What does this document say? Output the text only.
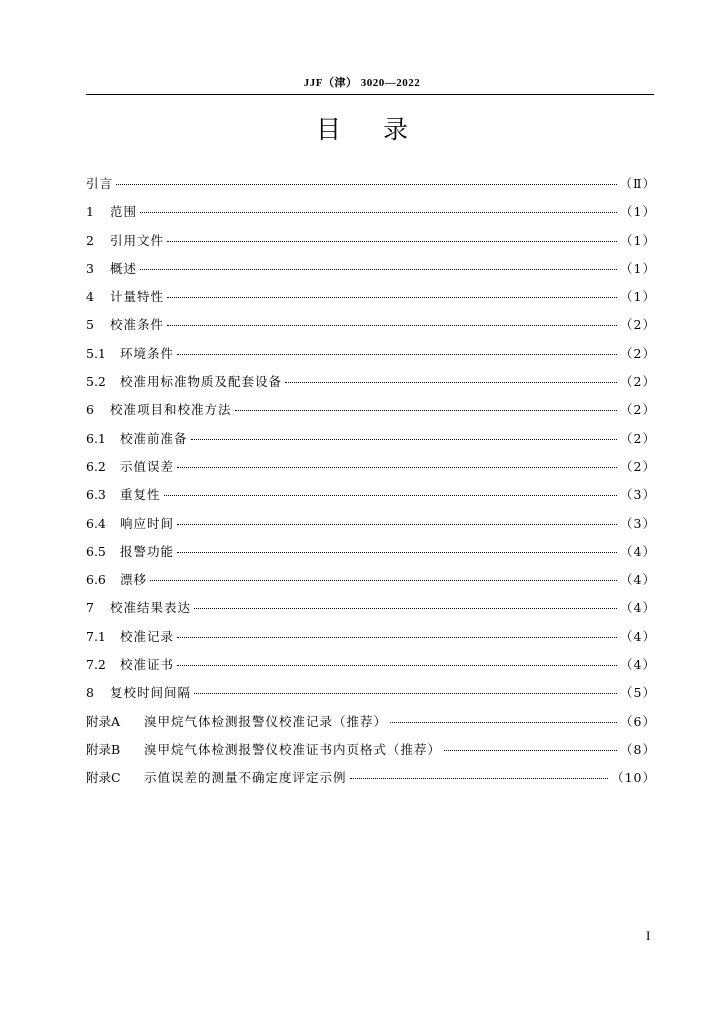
JJF（津） 3020—2022
目 录
引言	（Ⅱ）
1	范围	（1）
2	引用文件	（1）
3	概述	（1）
4	计量特性	（1）
5	校准条件	（2）
5.1	环境条件	（2）
5.2	校准用标准物质及配套设备	（2）
6	校准项目和校准方法	（2）
6.1	校准前准备	（2）
6.2	示值误差	（2）
6.3	重复性	（3）
6.4	响应时间	（3）
6.5	报警功能	（4）
6.6	漂移	（4）
7	校准结果表达	（4）
7.1	校准记录	（4）
7.2	校准证书	（4）
8	复校时间间隔	（5）
附录A	溴甲烷气体检测报警仪校准记录（推荐）	（6）
附录B	溴甲烷气体检测报警仪校准证书内页格式（推荐）	（8）
附录C	示值误差的测量不确定度评定示例	（10）
I
